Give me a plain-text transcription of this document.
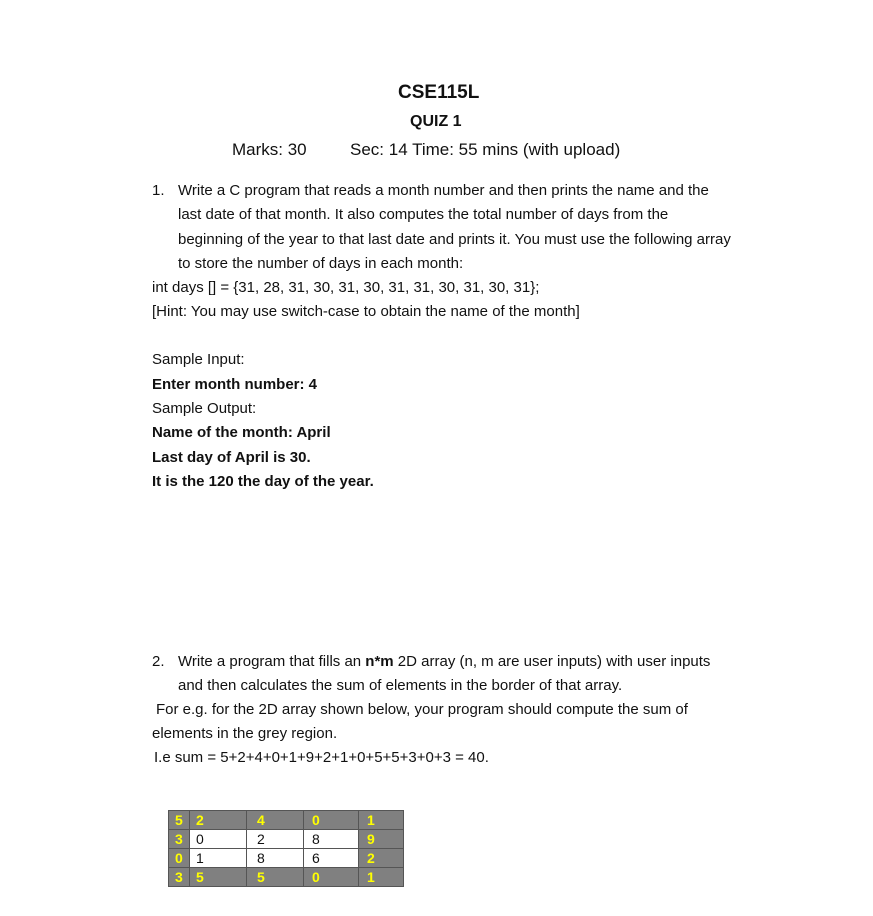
CSE115L
QUIZ 1
Marks: 30	Sec: 14 Time: 55 mins (with upload)
1. Write a C program that reads a month number and then prints the name and the
last date of that month. It also computes the total number of days from the
beginning of the year to that last date and prints it. You must use the following array
to store the number of days in each month:
int days [] = {31, 28, 31, 30, 31, 30, 31, 31, 30, 31, 30, 31};
[Hint: You may use switch-case to obtain the name of the month]
Sample Input:
Enter month number: 4
Sample Output:
Name of the month: April
Last day of April is 30.
It is the 120 the day of the year.
2. Write a program that fills an n*m 2D array (n, m are user inputs) with user inputs
and then calculates the sum of elements in the border of that array.
For e.g. for the 2D array shown below, your program should compute the sum of
elements in the grey region.
I.e sum = 5+2+4+0+1+9+2+1+0+5+5+3+0+3 = 40.
5	2	4	0	1
3	0	2	8	9
0	1	8	6	2
3	5	5	0	1
